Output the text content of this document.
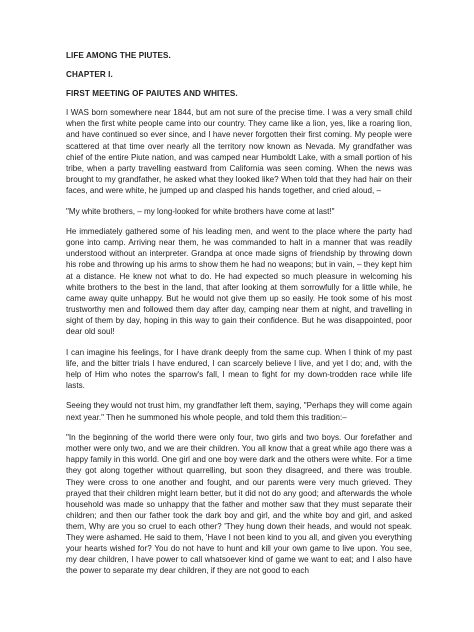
LIFE AMONG THE PIUTES.

CHAPTER I.

FIRST MEETING OF PAIUTES AND WHITES.

I WAS born somewhere near 1844, but am not sure of the precise time. I was a very small child when the first white people came into our country. They came like a lion, yes, like a roaring lion, and have continued so ever since, and I have never forgotten their first coming. My people were scattered at that time over nearly all the territory now known as Nevada. My grandfather was chief of the entire Piute nation, and was camped near Humboldt Lake, with a small portion of his tribe, when a party travelling eastward from California was seen coming. When the news was brought to my grandfather, he asked what they looked like? When told that they had hair on their faces, and were white, he jumped up and clasped his hands together, and cried aloud, –

"My white brothers, – my long-looked for white brothers have come at last!"

He immediately gathered some of his leading men, and went to the place where the party had gone into camp. Arriving near them, he was commanded to halt in a manner that was readily understood without an interpreter. Grandpa at once made signs of friendship by throwing down his robe and throwing up his arms to show them he had no weapons; but in vain, – they kept him at a distance. He knew not what to do. He had expected so much pleasure in welcoming his white brothers to the best in the land, that after looking at them sorrowfully for a little while, he came away quite unhappy. But he would not give them up so easily. He took some of his most trustworthy men and followed them day after day, camping near them at night, and travelling in sight of them by day, hoping in this way to gain their confidence. But he was disappointed, poor dear old soul!

I can imagine his feelings, for I have drank deeply from the same cup. When I think of my past life, and the bitter trials I have endured, I can scarcely believe I live, and yet I do; and, with the help of Him who notes the sparrow's fall, I mean to fight for my down-trodden race while life lasts.

Seeing they would not trust him, my grandfather left them, saying, "Perhaps they will come again next year." Then he summoned his whole people, and told them this tradition:–

"In the beginning of the world there were only four, two girls and two boys. Our forefather and mother were only two, and we are their children. You all know that a great while ago there was a happy family in this world. One girl and one boy were dark and the others were white. For a time they got along together without quarrelling, but soon they disagreed, and there was trouble. They were cross to one another and fought, and our parents were very much grieved. They prayed that their children might learn better, but it did not do any good; and afterwards the whole household was made so unhappy that the father and mother saw that they must separate their children; and then our father took the dark boy and girl, and the white boy and girl, and asked them, Why are you so cruel to each other? 'They hung down their heads, and would not speak. They were ashamed. He said to them, 'Have I not been kind to you all, and given you everything your hearts wished for? You do not have to hunt and kill your own game to live upon. You see, my dear children, I have power to call whatsoever kind of game we want to eat; and I also have the power to separate my dear children, if they are not good to each
